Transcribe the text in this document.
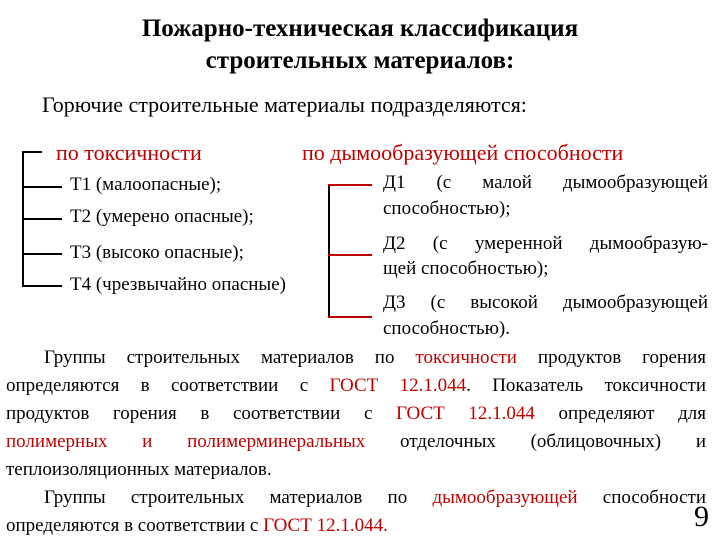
Пожарно-техническая классификация
строительных материалов:
Горючие строительные материалы подразделяются:
по токсичности
Т1 (малоопасные);
Т2 (умерено опасные);
Т3 (высоко опасные);
Т4 (чрезвычайно опасные)
по дымообразующей способности
Д1 (с малой дымообразующей
способностью);
Д2 (с умеренной дымообразую-
щей способностью);
Д3 (с высокой дымообразующей
способностью).
Группы строительных материалов по токсичности продуктов горения
определяются в соответствии с ГОСТ 12.1.044. Показатель токсичности
продуктов горения в соответствии с ГОСТ 12.1.044 определяют для
полимерных и полимерминеральных отделочных (облицовочных) и
теплоизоляционных материалов.
Группы строительных материалов по дымообразующей способности
определяются в соответствии с ГОСТ 12.1.044.	9
